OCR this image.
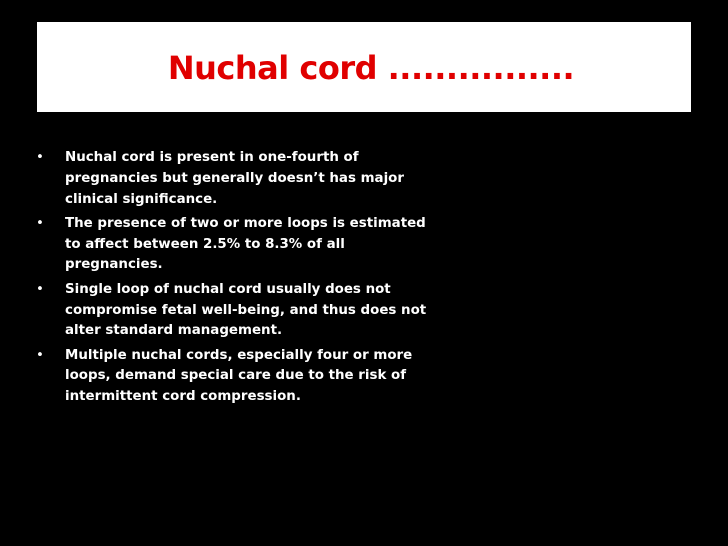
Nuchal cord ................
•	Nuchal cord is present in one-fourth of pregnancies but generally doesn’t has major clinical significance.
•	The presence of two or more loops is estimated to affect between 2.5% to 8.3% of all pregnancies.
•	Single loop of nuchal cord usually does not compromise fetal well-being, and thus does not alter standard management.
•	Multiple nuchal cords, especially four or more loops, demand special care due to the risk of intermittent cord compression.
